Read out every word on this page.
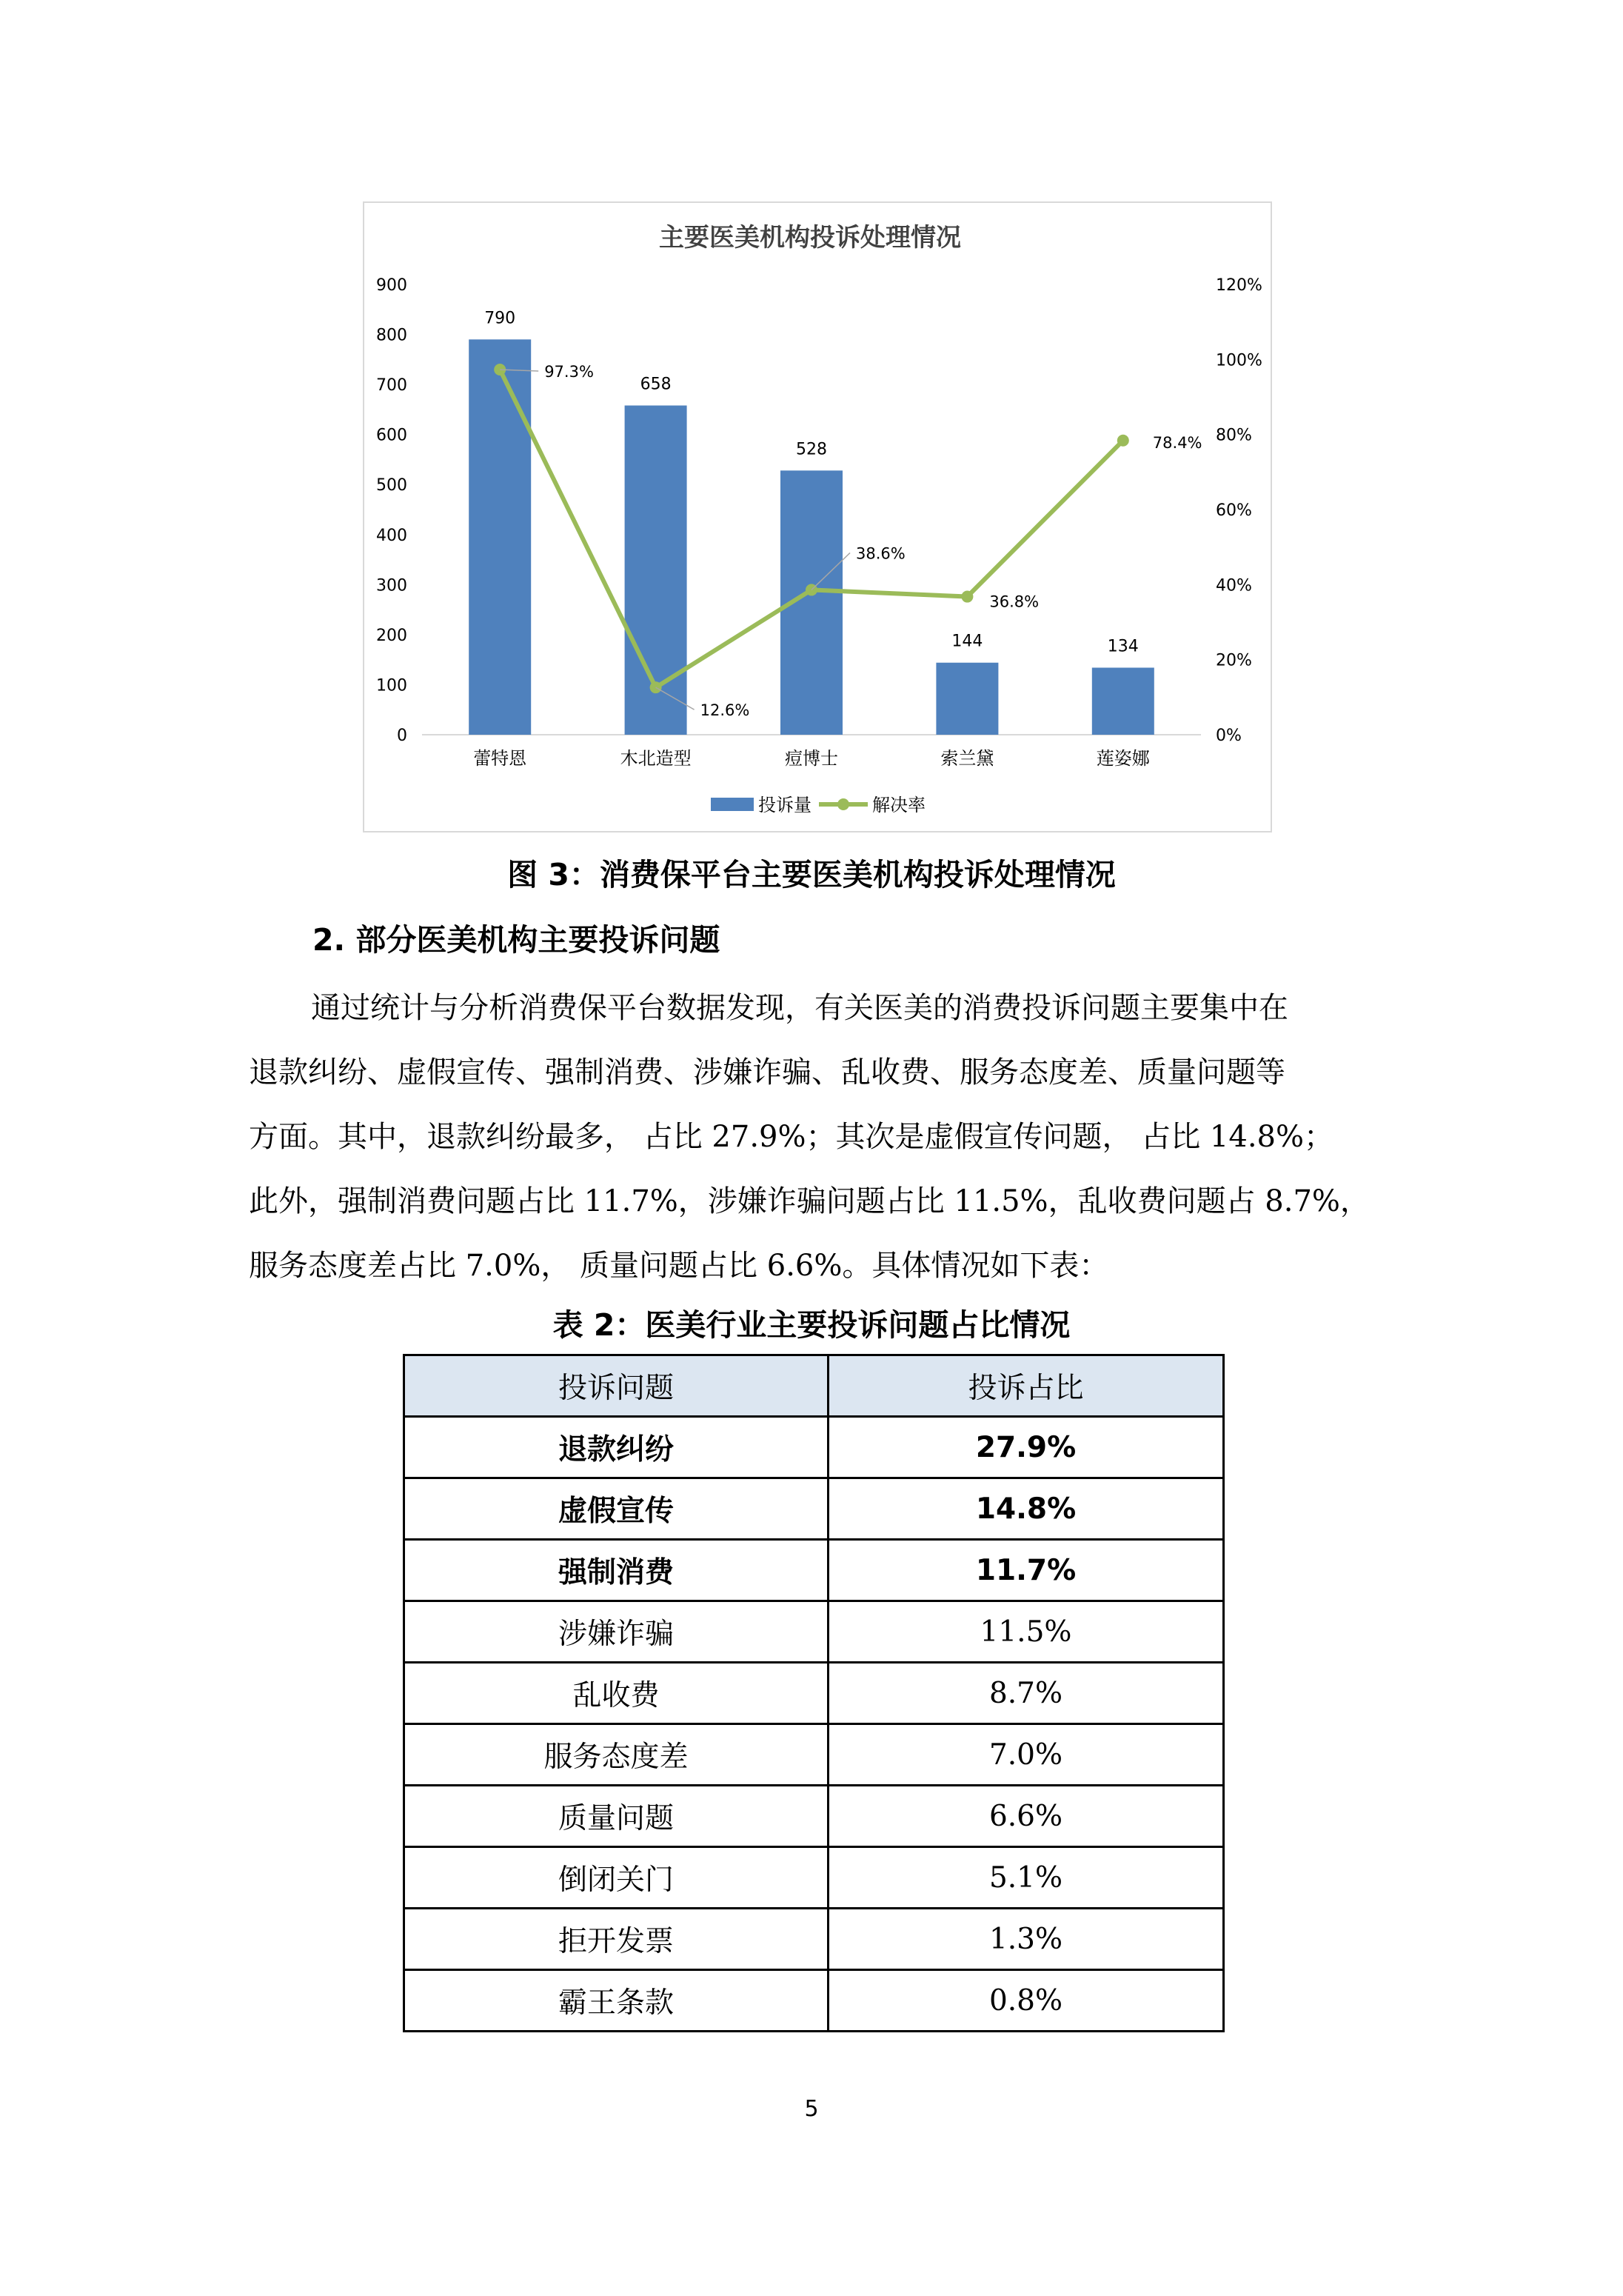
主要医美机构投诉处理情况
0
100
200
300
400
500
600
700
800
900
0%
20%
40%
60%
80%
100%
120%
790
蕾特恩
658
木北造型
528
痘博士
144
索兰黛
134
莲姿娜
97.3%
12.6%
38.6%
36.8%
78.4%
投诉量	解决率
图 3：消费保平台主要医美机构投诉处理情况
2. 部分医美机构主要投诉问题

通过统计与分析消费保平台数据发现，有关医美的消费投诉问题主要集中在
退款纠纷、虚假宣传、强制消费、涉嫌诈骗、乱收费、服务态度差、质量问题等
方面。其中，退款纠纷最多， 占比 27.9%；其次是虚假宣传问题， 占比 14.8%；
此外，强制消费问题占比 11.7%，涉嫌诈骗问题占比 11.5%，乱收费问题占 8.7%，
服务态度差占比 7.0%， 质量问题占比 6.6%。具体情况如下表：

表 2：医美行业主要投诉问题占比情况
投诉问题	投诉占比
退款纠纷	27.9%
虚假宣传	14.8%
强制消费	11.7%
涉嫌诈骗	11.5%
乱收费	8.7%
服务态度差	7.0%
质量问题	6.6%
倒闭关门	5.1%
拒开发票	1.3%
霸王条款	0.8%
5
